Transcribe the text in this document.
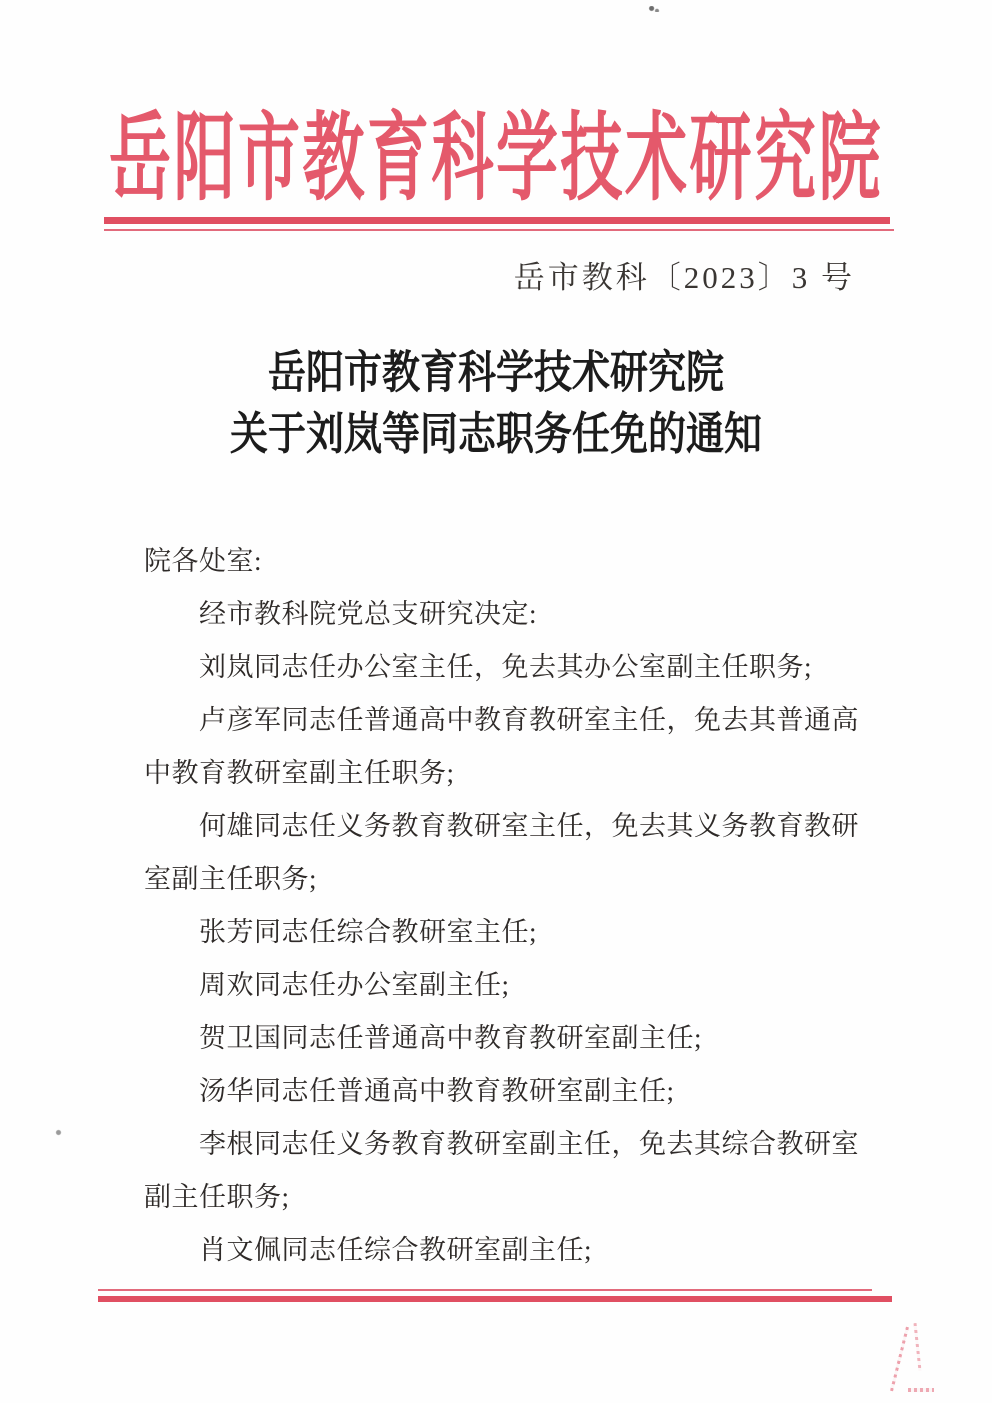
岳阳市教育科学技术研究院
岳市教科〔2023〕3 号
岳阳市教育科学技术研究院
关于刘岚等同志职务任免的通知
院各处室:
　　经市教科院党总支研究决定:
　　刘岚同志任办公室主任，免去其办公室副主任职务;
　　卢彦军同志任普通高中教育教研室主任，免去其普通高
中教育教研室副主任职务;
　　何雄同志任义务教育教研室主任，免去其义务教育教研
室副主任职务;
　　张芳同志任综合教研室主任;
　　周欢同志任办公室副主任;
　　贺卫国同志任普通高中教育教研室副主任;
　　汤华同志任普通高中教育教研室副主任;
　　李根同志任义务教育教研室副主任，免去其综合教研室
副主任职务;
　　肖文佩同志任综合教研室副主任;
